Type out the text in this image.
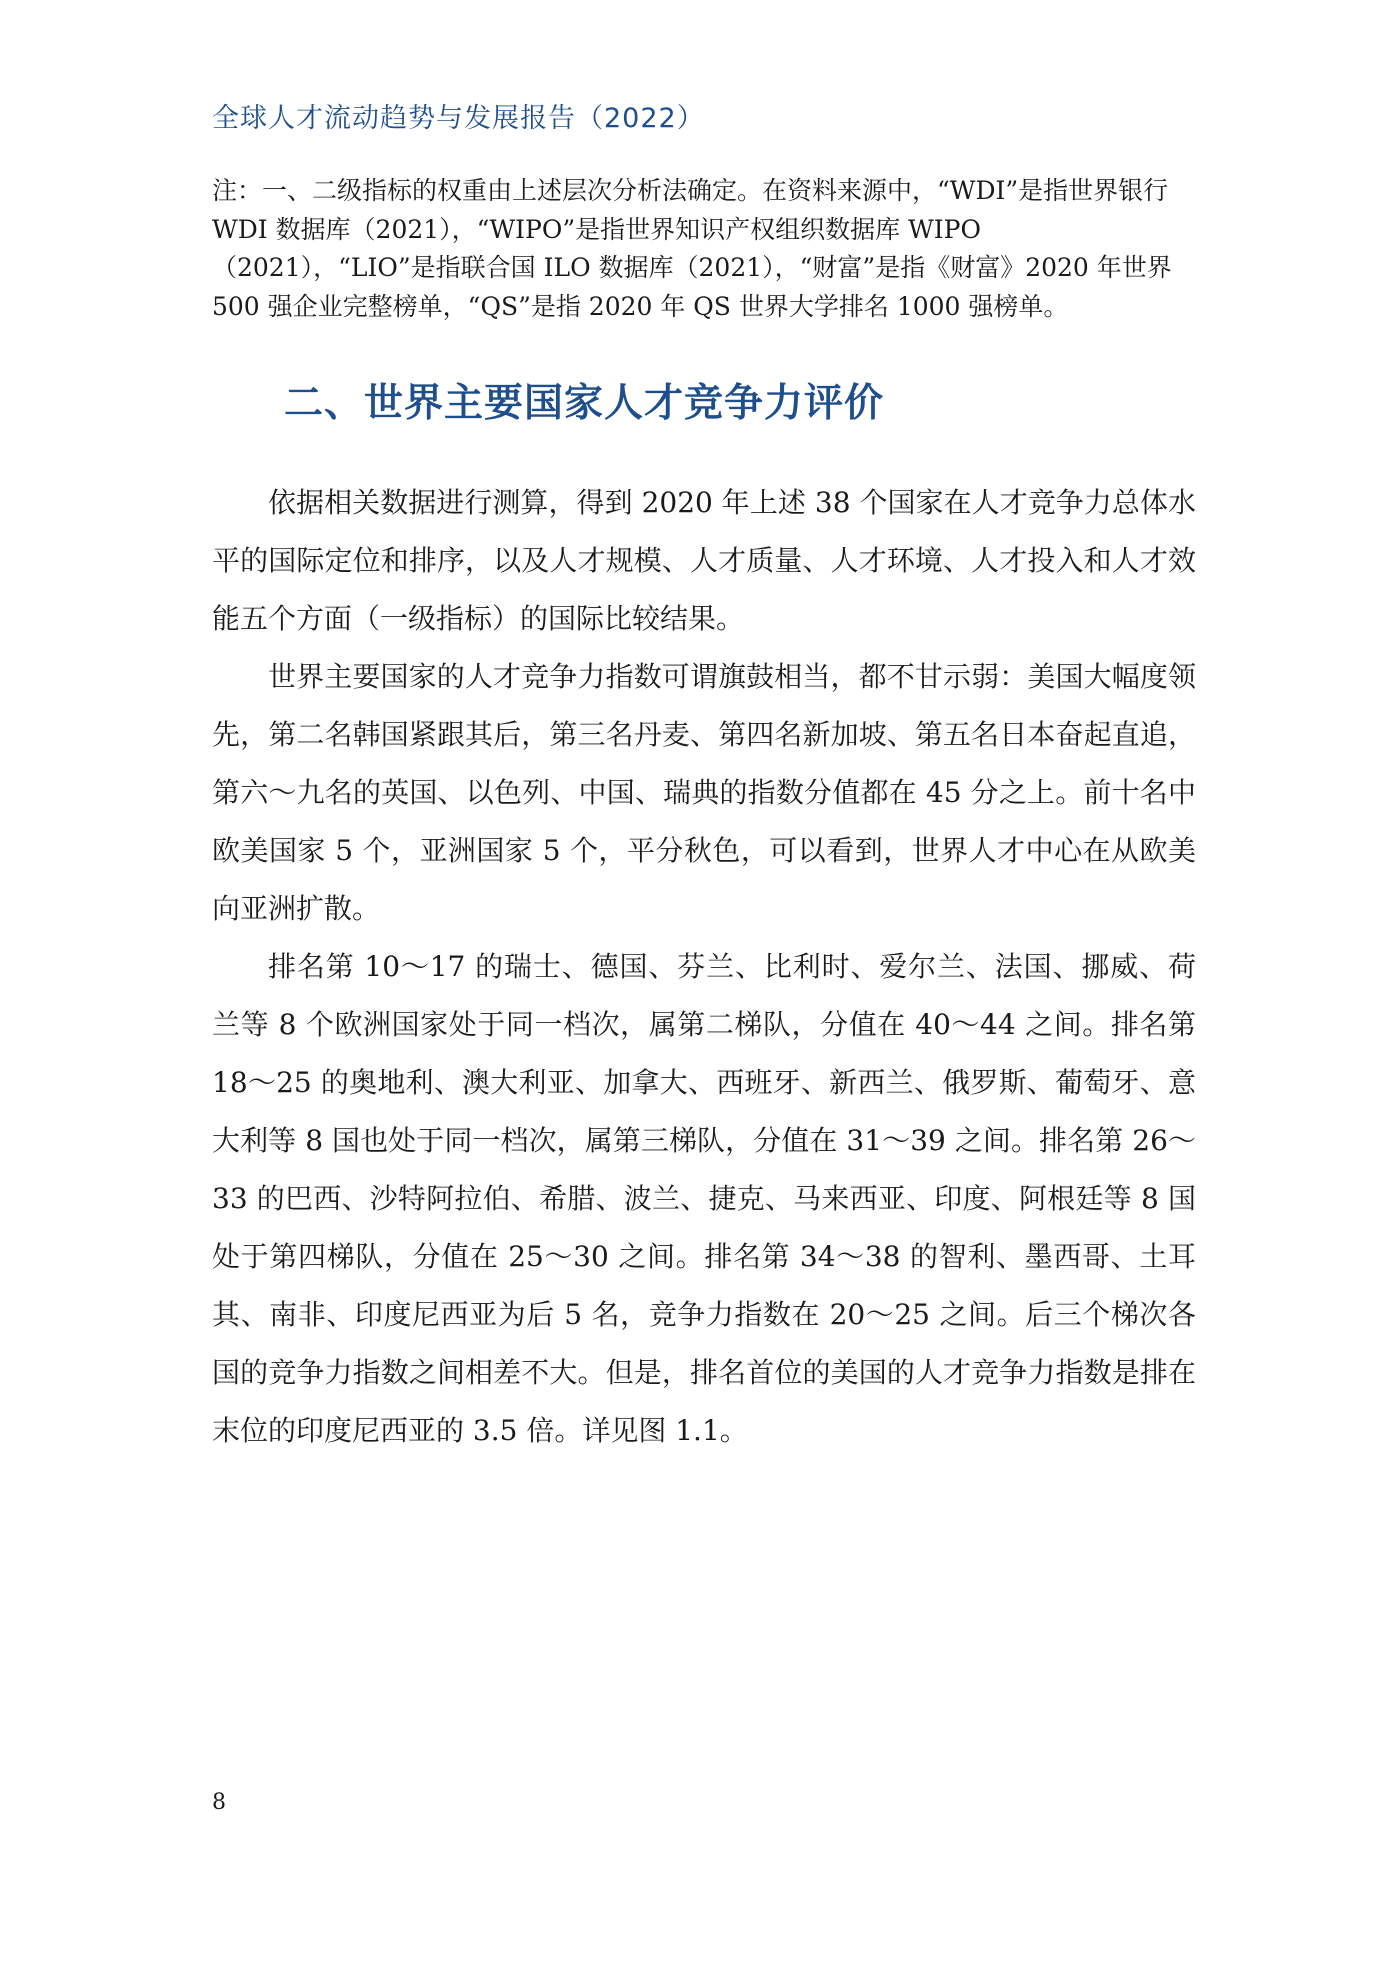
全球人才流动趋势与发展报告（2022）

注：一、二级指标的权重由上述层次分析法确定。在资料来源中，“WDI”是指世界银行 WDI 数据库（2021），“WIPO”是指世界知识产权组织数据库 WIPO（2021），“LIO”是指联合国 ILO 数据库（2021），“财富”是指《财富》2020 年世界 500 强企业完整榜单，“QS”是指 2020 年 QS 世界大学排名 1000 强榜单。

二、世界主要国家人才竞争力评价

依据相关数据进行测算，得到 2020 年上述 38 个国家在人才竞争力总体水平的国际定位和排序，以及人才规模、人才质量、人才环境、人才投入和人才效能五个方面（一级指标）的国际比较结果。

世界主要国家的人才竞争力指数可谓旗鼓相当，都不甘示弱：美国大幅度领先，第二名韩国紧跟其后，第三名丹麦、第四名新加坡、第五名日本奋起直追，第六～九名的英国、以色列、中国、瑞典的指数分值都在 45 分之上。前十名中欧美国家 5 个，亚洲国家 5 个，平分秋色，可以看到，世界人才中心在从欧美向亚洲扩散。

排名第 10～17 的瑞士、德国、芬兰、比利时、爱尔兰、法国、挪威、荷兰等 8 个欧洲国家处于同一档次，属第二梯队，分值在 40～44 之间。排名第 18～25 的奥地利、澳大利亚、加拿大、西班牙、新西兰、俄罗斯、葡萄牙、意大利等 8 国也处于同一档次，属第三梯队，分值在 31～39 之间。排名第 26～33 的巴西、沙特阿拉伯、希腊、波兰、捷克、马来西亚、印度、阿根廷等 8 国处于第四梯队，分值在 25～30 之间。排名第 34～38 的智利、墨西哥、土耳其、南非、印度尼西亚为后 5 名，竞争力指数在 20～25 之间。后三个梯次各国的竞争力指数之间相差不大。但是，排名首位的美国的人才竞争力指数是排在末位的印度尼西亚的 3.5 倍。详见图 1.1。

8
